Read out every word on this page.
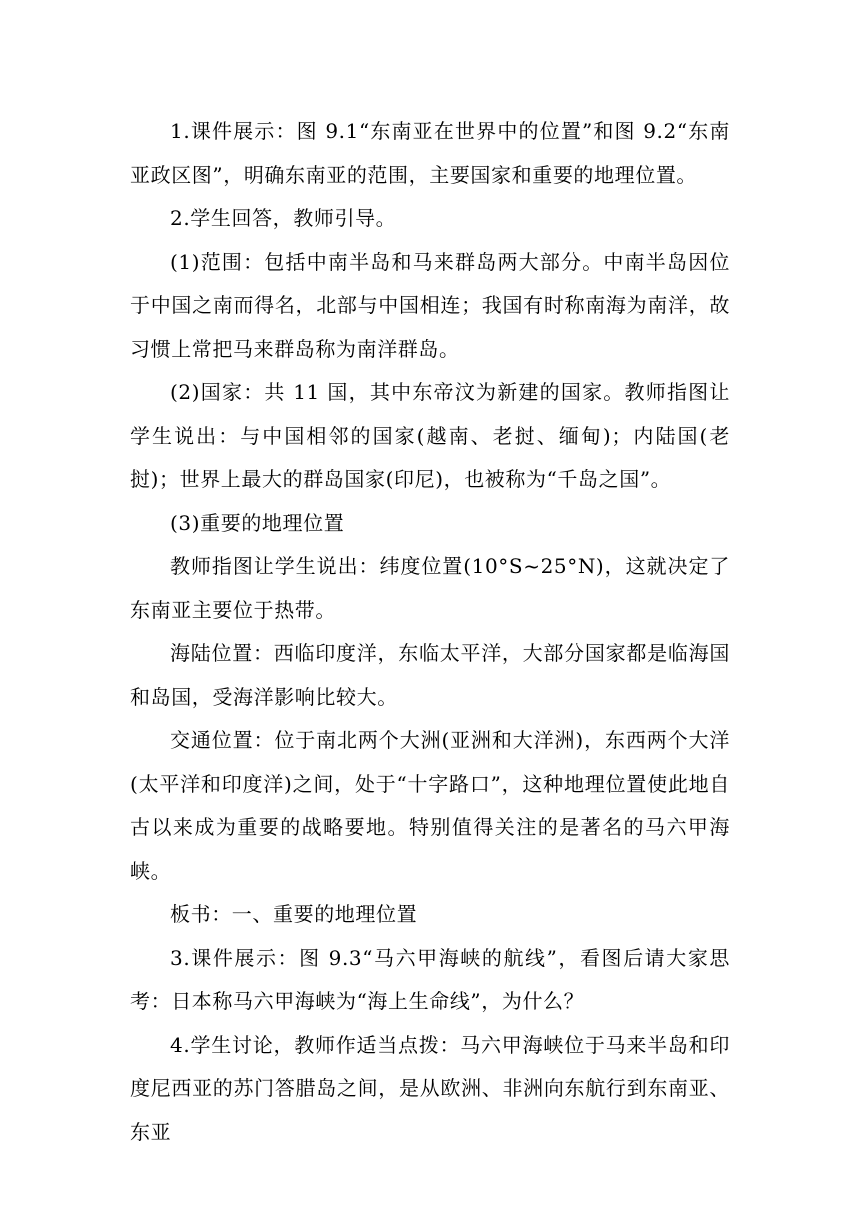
1.课件展示：图 9.1“东南亚在世界中的位置”和图 9.2“东南亚政区图”，明确东南亚的范围，主要国家和重要的地理位置。

2.学生回答，教师引导。

(1)范围：包括中南半岛和马来群岛两大部分。中南半岛因位于中国之南而得名，北部与中国相连；我国有时称南海为南洋，故习惯上常把马来群岛称为南洋群岛。

(2)国家：共 11 国，其中东帝汶为新建的国家。教师指图让学生说出：与中国相邻的国家(越南、老挝、缅甸)；内陆国(老挝)；世界上最大的群岛国家(印尼)，也被称为“千岛之国”。

(3)重要的地理位置

教师指图让学生说出：纬度位置(10°S~25°N)，这就决定了东南亚主要位于热带。

海陆位置：西临印度洋，东临太平洋，大部分国家都是临海国和岛国，受海洋影响比较大。

交通位置：位于南北两个大洲(亚洲和大洋洲)，东西两个大洋(太平洋和印度洋)之间，处于“十字路口”，这种地理位置使此地自古以来成为重要的战略要地。特别值得关注的是著名的马六甲海峡。

板书：一、重要的地理位置

3.课件展示：图 9.3“马六甲海峡的航线”，看图后请大家思考：日本称马六甲海峡为“海上生命线”，为什么？

4.学生讨论，教师作适当点拨：马六甲海峡位于马来半岛和印度尼西亚的苏门答腊岛之间，是从欧洲、非洲向东航行到东南亚、东亚
